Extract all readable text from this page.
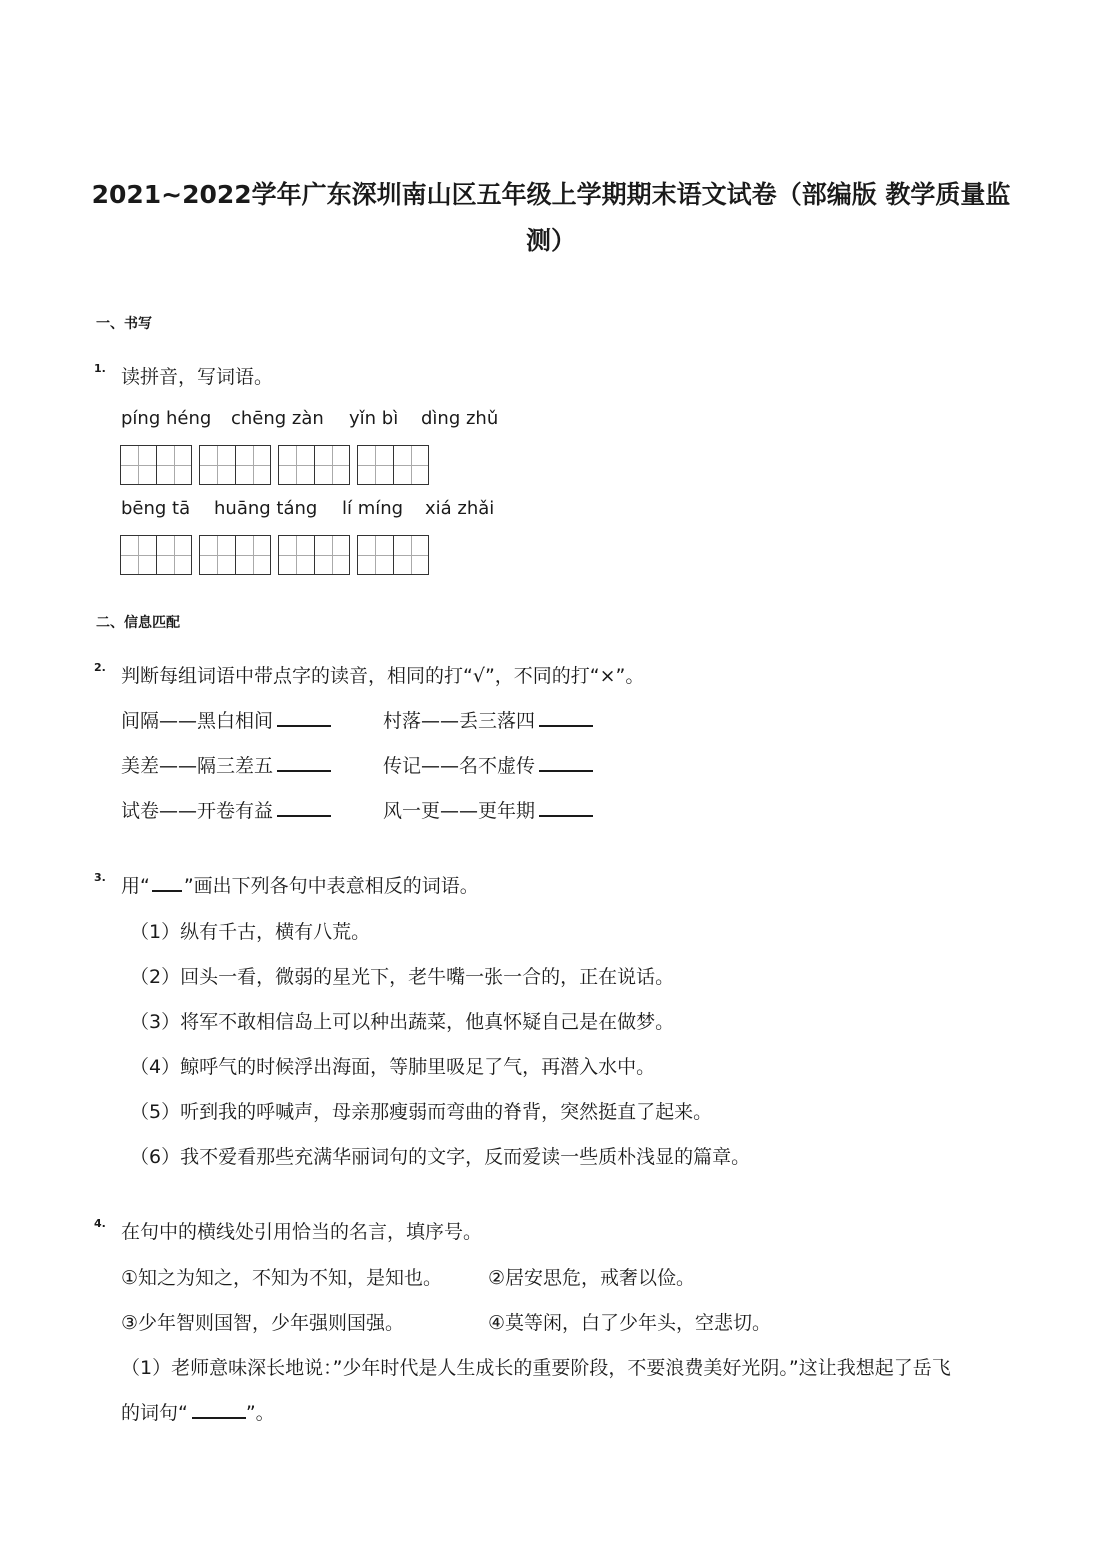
2021~2022学年广东深圳南山区五年级上学期期末语文试卷（部编版 教学质量监
测）
一、书写
1. 读拼音，写词语。
píng héng chēng zàn yǐn bì dìng zhǔ
bēng tā huāng táng lí míng xiá zhǎi
二、信息匹配
2. 判断每组词语中带点字的读音，相同的打“√”，不同的打“×”。
间隔——黑白相间	村落——丢三落四
美差——隔三差五	传记——名不虚传
试卷——开卷有益	风一更——更年期
3. 用“ ”画出下列各句中表意相反的词语。
（1）纵有千古，横有八荒。
（2）回头一看，微弱的星光下，老牛嘴一张一合的，正在说话。
（3）将军不敢相信岛上可以种出蔬菜，他真怀疑自己是在做梦。
（4）鲸呼气的时候浮出海面，等肺里吸足了气，再潜入水中。
（5）听到我的呼喊声，母亲那瘦弱而弯曲的脊背，突然挺直了起来。
（6）我不爱看那些充满华丽词句的文字，反而爱读一些质朴浅显的篇章。
4. 在句中的横线处引用恰当的名言，填序号。
①知之为知之，不知为不知，是知也。 ②居安思危，戒奢以俭。
③少年智则国智，少年强则国强。	④莫等闲，白了少年头，空悲切。
（1）老师意味深长地说：”少年时代是人生成长的重要阶段，不要浪费美好光阴。”这让我想起了岳飞
的词句“	”。
